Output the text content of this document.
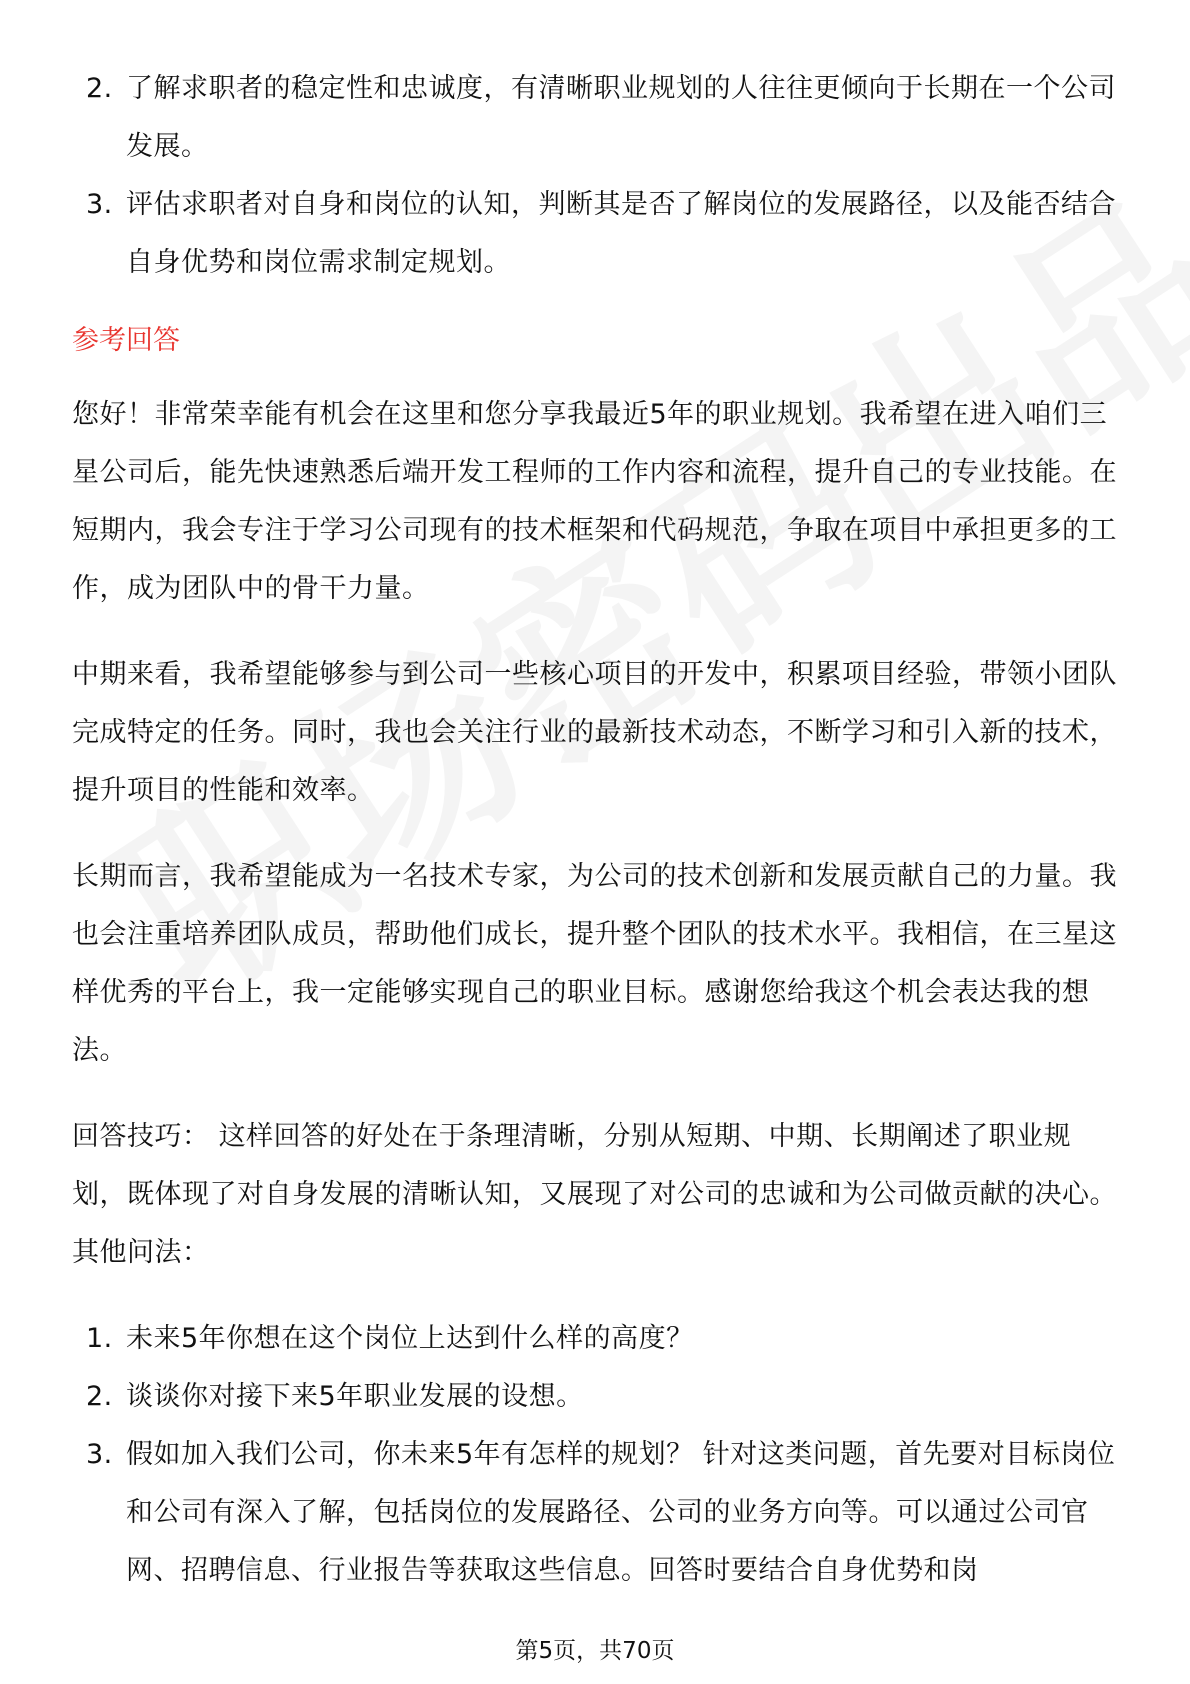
2. 了解求职者的稳定性和忠诚度，有清晰职业规划的人往往更倾向于长期在一个公司发展。
3. 评估求职者对自身和岗位的认知，判断其是否了解岗位的发展路径，以及能否结合自身优势和岗位需求制定规划。
参考回答

您好！非常荣幸能有机会在这里和您分享我最近5年的职业规划。我希望在进入咱们三星公司后，能先快速熟悉后端开发工程师的工作内容和流程，提升自己的专业技能。在短期内，我会专注于学习公司现有的技术框架和代码规范，争取在项目中承担更多的工作，成为团队中的骨干力量。

中期来看，我希望能够参与到公司一些核心项目的开发中，积累项目经验，带领小团队完成特定的任务。同时，我也会关注行业的最新技术动态，不断学习和引入新的技术，提升项目的性能和效率。

长期而言，我希望能成为一名技术专家，为公司的技术创新和发展贡献自己的力量。我也会注重培养团队成员，帮助他们成长，提升整个团队的技术水平。我相信，在三星这样优秀的平台上，我一定能够实现自己的职业目标。感谢您给我这个机会表达我的想法。

回答技巧： 这样回答的好处在于条理清晰，分别从短期、中期、长期阐述了职业规划，既体现了对自身发展的清晰认知，又展现了对公司的忠诚和为公司做贡献的决心。 其他问法：

1. 未来5年你想在这个岗位上达到什么样的高度？
2. 谈谈你对接下来5年职业发展的设想。
3. 假如加入我们公司，你未来5年有怎样的规划？ 针对这类问题，首先要对目标岗位和公司有深入了解，包括岗位的发展路径、公司的业务方向等。可以通过公司官网、招聘信息、行业报告等获取这些信息。回答时要结合自身优势和岗
第5页，共70页
